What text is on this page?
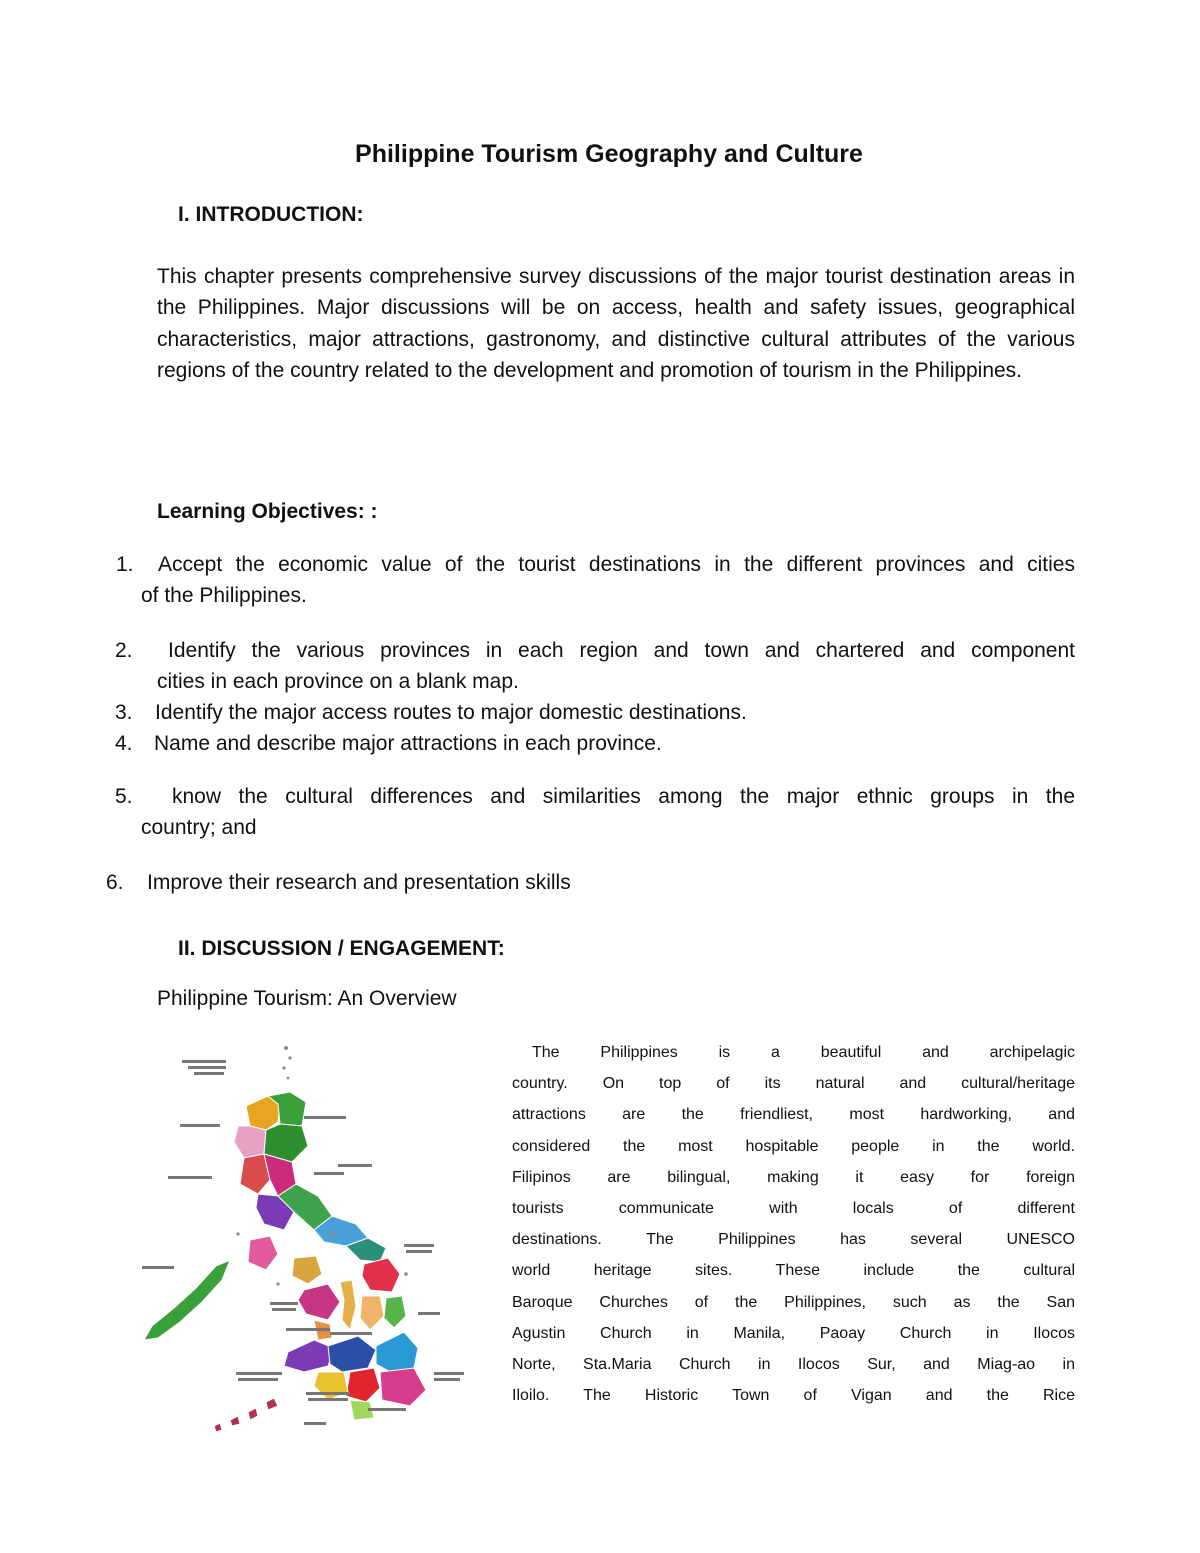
Philippine Tourism Geography and Culture
I. INTRODUCTION:
This chapter presents comprehensive survey discussions of the major tourist destination areas in the Philippines. Major discussions will be on access, health and safety issues, geographical characteristics, major attractions, gastronomy, and distinctive cultural attributes of the various regions of the country related to the development and promotion of tourism in the Philippines.
Learning Objectives: :
1. Accept the economic value of the tourist destinations in the different provinces and cities
of the Philippines.
2. Identify the various provinces in each region and town and chartered and component
cities in each province on a blank map.
3. Identify the major access routes to major domestic destinations.
4. Name and describe major attractions in each province.
5. know the cultural differences and similarities among the major ethnic groups in the
country; and
6. Improve their research and presentation skills
II. DISCUSSION / ENGAGEMENT:
Philippine Tourism: An Overview
The Philippines is a beautiful and archipelagic
country. On top of its natural and cultural/heritage
attractions are the friendliest, most hardworking, and
considered the most hospitable people in the world.
Filipinos are bilingual, making it easy for foreign
tourists communicate with locals of different
destinations. The Philippines has several UNESCO
world heritage sites. These include the cultural
Baroque Churches of the Philippines, such as the San
Agustin Church in Manila, Paoay Church in Ilocos
Norte, Sta.Maria Church in Ilocos Sur, and Miag-ao in
Iloilo. The Historic Town of Vigan and the Rice
